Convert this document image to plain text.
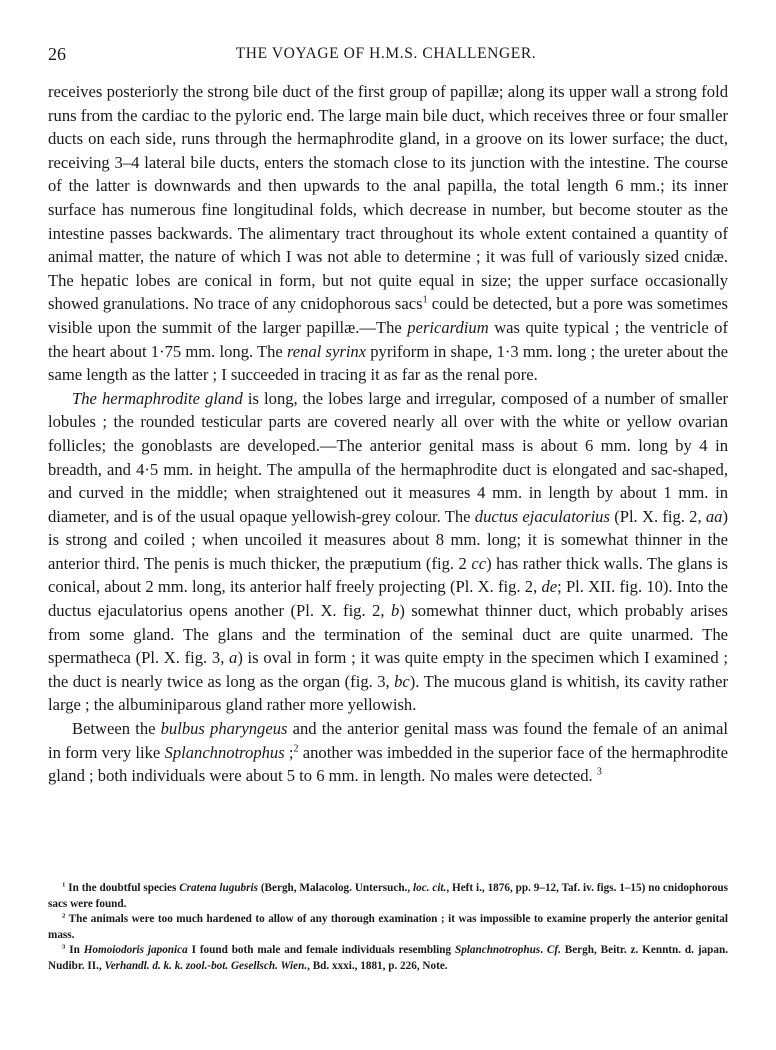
26	THE VOYAGE OF H.M.S. CHALLENGER.

receives posteriorly the strong bile duct of the first group of papillæ; along its upper wall a strong fold runs from the cardiac to the pyloric end. The large main bile duct, which receives three or four smaller ducts on each side, runs through the hermaphrodite gland, in a groove on its lower surface; the duct, receiving 3–4 lateral bile ducts, enters the stomach close to its junction with the intestine. The course of the latter is downwards and then upwards to the anal papilla, the total length 6 mm.; its inner surface has numerous fine longitudinal folds, which decrease in number, but become stouter as the intestine passes backwards. The alimentary tract throughout its whole extent contained a quantity of animal matter, the nature of which I was not able to determine ; it was full of variously sized cnidæ. The hepatic lobes are conical in form, but not quite equal in size; the upper surface occasionally showed granulations. No trace of any cnidophorous sacs$^1$ could be detected, but a pore was sometimes visible upon the summit of the larger papillæ.—The pericardium was quite typical ; the ventricle of the heart about 1·75 mm. long. The renal syrinx pyriform in shape, 1·3 mm. long ; the ureter about the same length as the latter ; I succeeded in tracing it as far as the renal pore.

The hermaphrodite gland is long, the lobes large and irregular, composed of a number of smaller lobules ; the rounded testicular parts are covered nearly all over with the white or yellow ovarian follicles; the gonoblasts are developed.—The anterior genital mass is about 6 mm. long by 4 in breadth, and 4·5 mm. in height. The ampulla of the hermaphrodite duct is elongated and sac-shaped, and curved in the middle; when straightened out it measures 4 mm. in length by about 1 mm. in diameter, and is of the usual opaque yellowish-grey colour. The ductus ejaculatorius (Pl. X. fig. 2, aa) is strong and coiled ; when uncoiled it measures about 8 mm. long; it is somewhat thinner in the anterior third. The penis is much thicker, the præputium (fig. 2 cc) has rather thick walls. The glans is conical, about 2 mm. long, its anterior half freely projecting (Pl. X. fig. 2, de; Pl. XII. fig. 10). Into the ductus ejaculatorius opens another (Pl. X. fig. 2, b) somewhat thinner duct, which probably arises from some gland. The glans and the termination of the seminal duct are quite unarmed. The spermatheca (Pl. X. fig. 3, a) is oval in form ; it was quite empty in the specimen which I examined ; the duct is nearly twice as long as the organ (fig. 3, bc). The mucous gland is whitish, its cavity rather large ; the albuminiparous gland rather more yellowish.

Between the bulbus pharyngeus and the anterior genital mass was found the female of an animal in form very like Splanchnotrophus ;$^2$ another was imbedded in the superior face of the hermaphrodite gland ; both individuals were about 5 to 6 mm. in length. No males were detected. $^3$

$^1$ In the doubtful species Cratena lugubris (Bergh, Malacolog. Untersuch., loc. cit., Heft i., 1876, pp. 9–12, Taf. iv. figs. 1–15) no cnidophorous sacs were found.

$^2$ The animals were too much hardened to allow of any thorough examination ; it was impossible to examine properly the anterior genital mass.

$^3$ In Homoiodoris japonica I found both male and female individuals resembling Splanchnotrophus. Cf. Bergh, Beitr. z. Kenntn. d. japan. Nudibr. II., Verhandl. d. k. k. zool.-bot. Gesellsch. Wien., Bd. xxxi., 1881, p. 226, Note.
